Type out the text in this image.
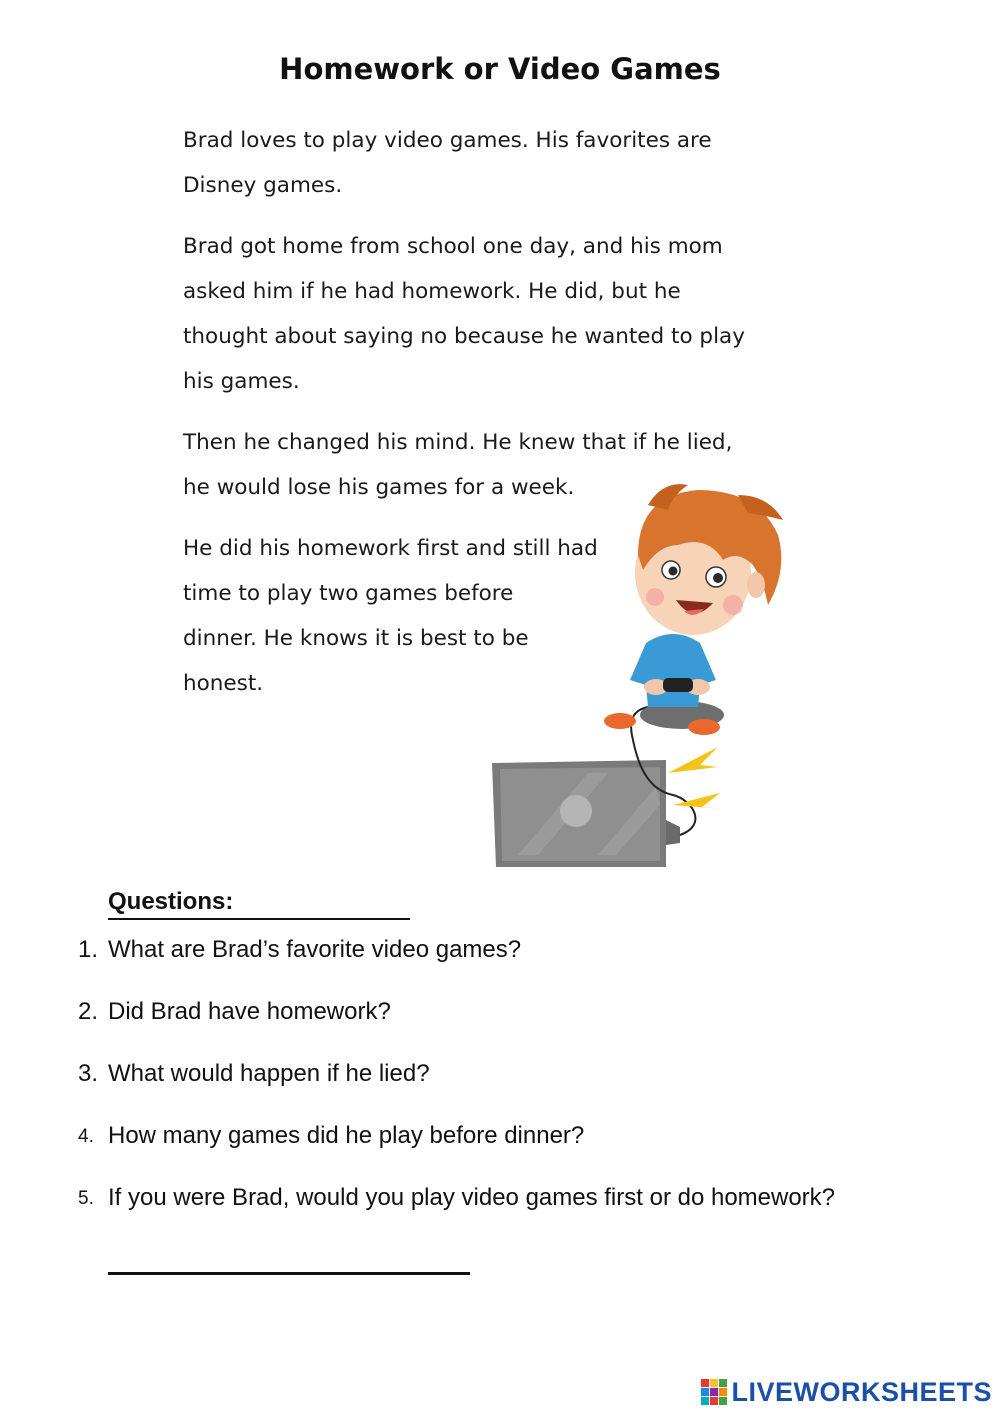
Homework or Video Games

Brad loves to play video games. His favorites are
Disney games.

Brad got home from school one day, and his mom
asked him if he had homework. He did, but he
thought about saying no because he wanted to play
his games.

Then he changed his mind. He knew that if he lied,
he would lose his games for a week.

He did his homework first and still had
time to play two games before
dinner. He knows it is best to be
honest.

Questions:
1. What are Brad’s favorite video games?
2. Did Brad have homework?
3. What would happen if he lied?
4. How many games did he play before dinner?
5. If you were Brad, would you play video games first or do homework?
LIVEWORKSHEETS
